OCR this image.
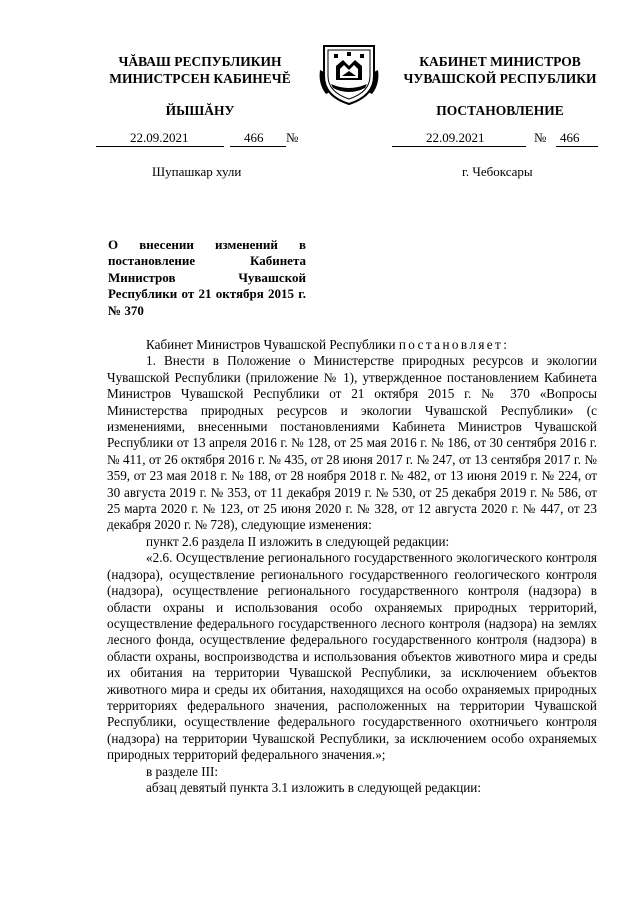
ЧĂВАШ РЕСПУБЛИКИН
МИНИСТРСЕН КАБИНЕЧĔ
ЙЫШĂНУ
КАБИНЕТ МИНИСТРОВ
ЧУВАШСКОЙ РЕСПУБЛИКИ
ПОСТАНОВЛЕНИЕ
22.09.2021	466 №	22.09.2021	№ 466
Шупашкар хули	г. Чебоксары
О внесении изменений в постановление Кабинета Министров Чувашской Республики от 21 октября 2015 г. № 370

Кабинет Министров Чувашской Республики постановляет:

1. Внести в Положение о Министерстве природных ресурсов и экологии Чувашской Республики (приложение № 1), утвержденное постановлением Кабинета Министров Чувашской Республики от 21 октября 2015 г. № 370 «Вопросы Министерства природных ресурсов и экологии Чувашской Республики» (с изменениями, внесенными постановлениями Кабинета Министров Чувашской Республики от 13 апреля 2016 г. № 128, от 25 мая 2016 г. № 186, от 30 сентября 2016 г. № 411, от 26 октября 2016 г. № 435, от 28 июня 2017 г. № 247, от 13 сентября 2017 г. № 359, от 23 мая 2018 г. № 188, от 28 ноября 2018 г. № 482, от 13 июня 2019 г. № 224, от 30 августа 2019 г. № 353, от 11 декабря 2019 г. № 530, от 25 декабря 2019 г. № 586, от 25 марта 2020 г. № 123, от 25 июня 2020 г. № 328, от 12 августа 2020 г. № 447, от 23 декабря 2020 г. № 728), следующие изменения:

пункт 2.6 раздела II изложить в следующей редакции:

«2.6. Осуществление регионального государственного экологического контроля (надзора), осуществление регионального государственного геологического контроля (надзора), осуществление регионального государственного контроля (надзора) в области охраны и использования особо охраняемых природных территорий, осуществление федерального государственного лесного контроля (надзора) на землях лесного фонда, осуществление федерального государственного контроля (надзора) в области охраны, воспроизводства и использования объектов животного мира и среды их обитания на территории Чувашской Республики, за исключением объектов животного мира и среды их обитания, находящихся на особо охраняемых природных территориях федерального значения, расположенных на территории Чувашской Республики, осуществление федерального государственного охотничьего контроля (надзора) на территории Чувашской Республики, за исключением особо охраняемых природных территорий федерального значения.»;

в разделе III:

абзац девятый пункта 3.1 изложить в следующей редакции:
